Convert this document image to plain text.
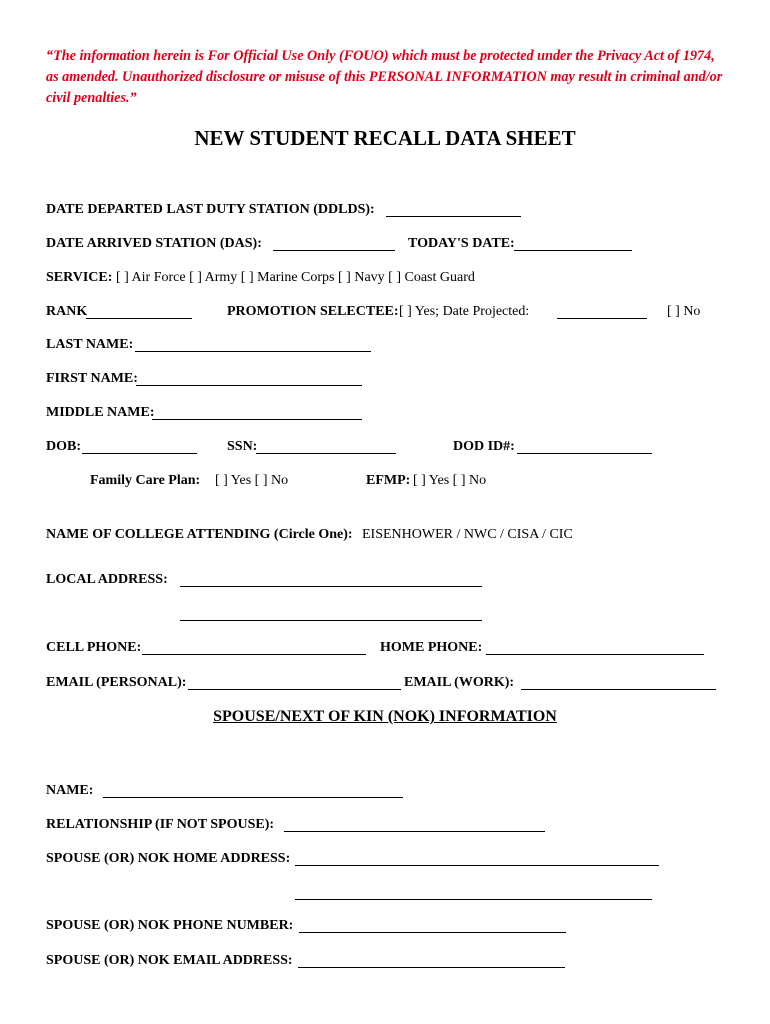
“The information herein is For Official Use Only (FOUO) which must be protected under the Privacy Act of 1974, as amended. Unauthorized disclosure or misuse of this PERSONAL INFORMATION may result in criminal and/or civil penalties.”
NEW STUDENT RECALL DATA SHEET
DATE DEPARTED LAST DUTY STATION (DDLDS):
DATE ARRIVED STATION (DAS):	TODAY'S DATE:
SERVICE: [ ] Air Force [ ] Army [ ] Marine Corps [ ] Navy [ ] Coast Guard
RANK	PROMOTION SELECTEE: [ ] Yes; Date Projected:	[ ] No
LAST NAME:
FIRST NAME:
MIDDLE NAME:
DOB:	SSN:	DOD ID#:
Family Care Plan: [ ] Yes [ ] No	EFMP: [ ] Yes [ ] No
NAME OF COLLEGE ATTENDING (Circle One): EISENHOWER / NWC / CISA / CIC
LOCAL ADDRESS:
CELL PHONE:	HOME PHONE:
EMAIL (PERSONAL):	EMAIL (WORK):
SPOUSE/NEXT OF KIN (NOK) INFORMATION
NAME:
RELATIONSHIP (IF NOT SPOUSE):
SPOUSE (OR) NOK HOME ADDRESS:
SPOUSE (OR) NOK PHONE NUMBER:
SPOUSE (OR) NOK EMAIL ADDRESS:
